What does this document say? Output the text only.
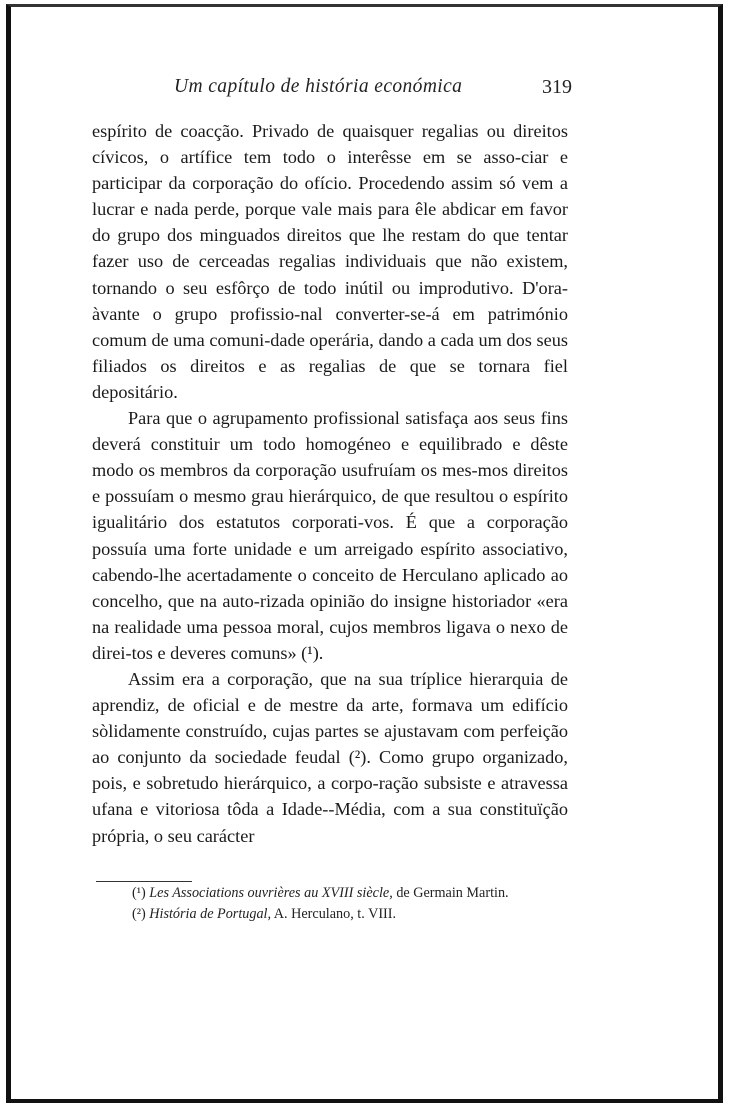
Um capítulo de história económica	319

espírito de coacção. Privado de quaisquer regalias ou direitos cívicos, o artífice tem todo o interêsse em se asso-ciar e participar da corporação do ofício. Procedendo assim só vem a lucrar e nada perde, porque vale mais para êle abdicar em favor do grupo dos minguados direitos que lhe restam do que tentar fazer uso de cerceadas regalias individuais que não existem, tornando o seu esfôrço de todo inútil ou improdutivo. D'ora-àvante o grupo profissio-nal converter-se-á em património comum de uma comuni-dade operária, dando a cada um dos seus filiados os direitos e as regalias de que se tornara fiel depositário.

Para que o agrupamento profissional satisfaça aos seus fins deverá constituir um todo homogéneo e equilibrado e dêste modo os membros da corporação usufruíam os mes-mos direitos e possuíam o mesmo grau hierárquico, de que resultou o espírito igualitário dos estatutos corporati-vos. É que a corporação possuía uma forte unidade e um arreigado espírito associativo, cabendo-lhe acertadamente o conceito de Herculano aplicado ao concelho, que na auto-rizada opinião do insigne historiador «era na realidade uma pessoa moral, cujos membros ligava o nexo de direi-tos e deveres comuns» (¹).

Assim era a corporação, que na sua tríplice hierarquia de aprendiz, de oficial e de mestre da arte, formava um edifício sòlidamente construído, cujas partes se ajustavam com perfeição ao conjunto da sociedade feudal (²). Como grupo organizado, pois, e sobretudo hierárquico, a corpo-ração subsiste e atravessa ufana e vitoriosa tôda a Idade--Média, com a sua constituïção própria, o seu carácter

(¹) Les Associations ouvrières au XVIII siècle, de Germain Martin.

(²) História de Portugal, A. Herculano, t. VIII.
